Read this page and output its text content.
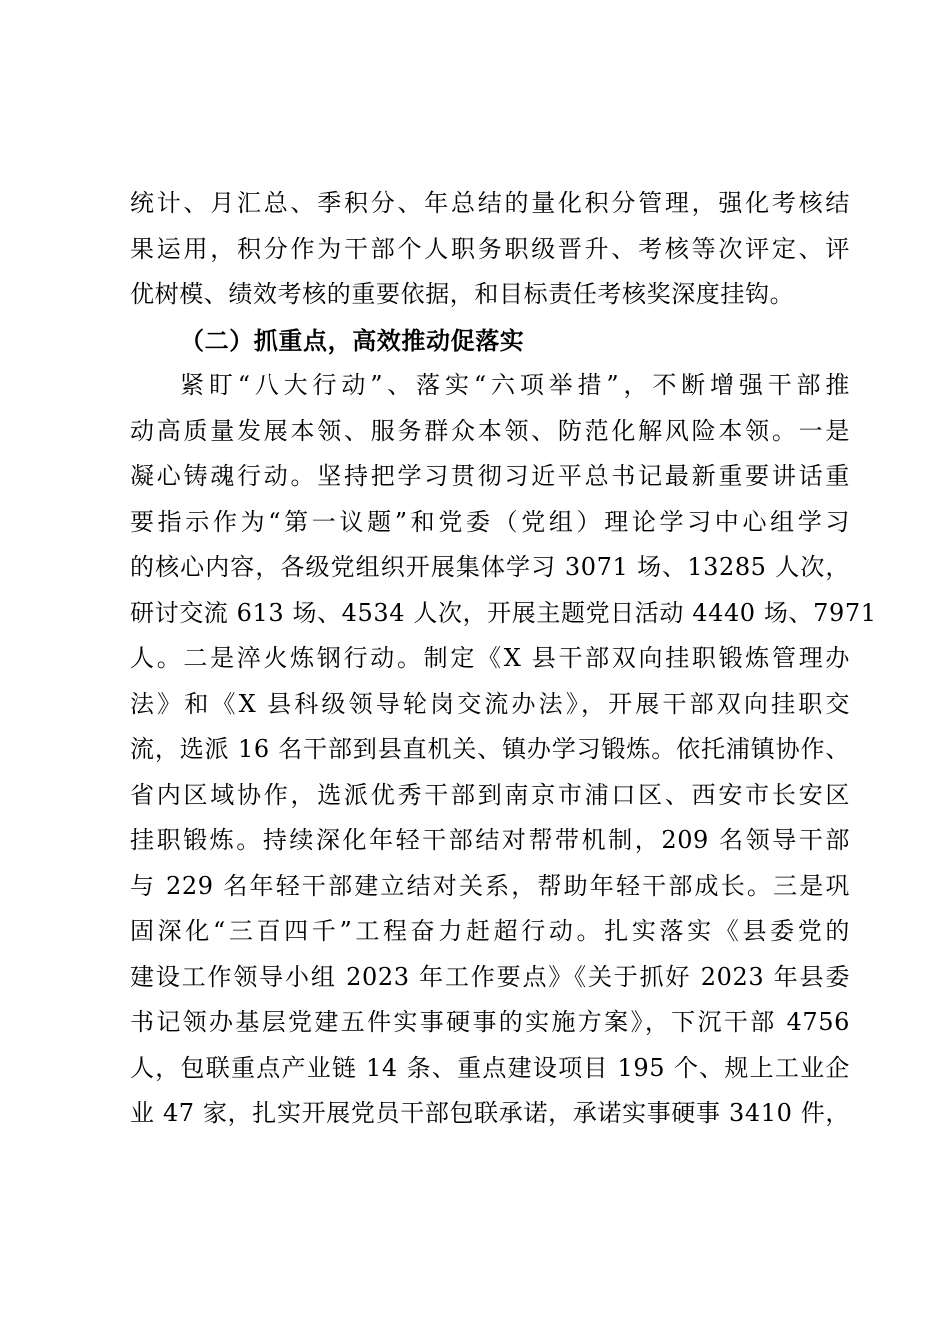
统计、月汇总、季积分、年总结的量化积分管理，强化考核结
果运用，积分作为干部个人职务职级晋升、考核等次评定、评
优树模、绩效考核的重要依据，和目标责任考核奖深度挂钩。
（二）抓重点，高效推动促落实
紧盯“八大行动”、落实“六项举措”，不断增强干部推
动高质量发展本领、服务群众本领、防范化解风险本领。一是
凝心铸魂行动。坚持把学习贯彻习近平总书记最新重要讲话重
要指示作为“第一议题”和党委（党组）理论学习中心组学习
的核心内容，各级党组织开展集体学习 3071 场、13285 人次，
研讨交流 613 场、4534 人次，开展主题党日活动 4440 场、7971
人。二是淬火炼钢行动。制定《X 县干部双向挂职锻炼管理办
法》和《X 县科级领导轮岗交流办法》，开展干部双向挂职交
流，选派 16 名干部到县直机关、镇办学习锻炼。依托浦镇协作、
省内区域协作，选派优秀干部到南京市浦口区、西安市长安区
挂职锻炼。持续深化年轻干部结对帮带机制，209 名领导干部
与 229 名年轻干部建立结对关系，帮助年轻干部成长。三是巩
固深化“三百四千”工程奋力赶超行动。扎实落实《县委党的
建设工作领导小组 2023 年工作要点》《关于抓好 2023 年县委
书记领办基层党建五件实事硬事的实施方案》，下沉干部 4756
人，包联重点产业链 14 条、重点建设项目 195 个、规上工业企
业 47 家，扎实开展党员干部包联承诺，承诺实事硬事 3410 件，
